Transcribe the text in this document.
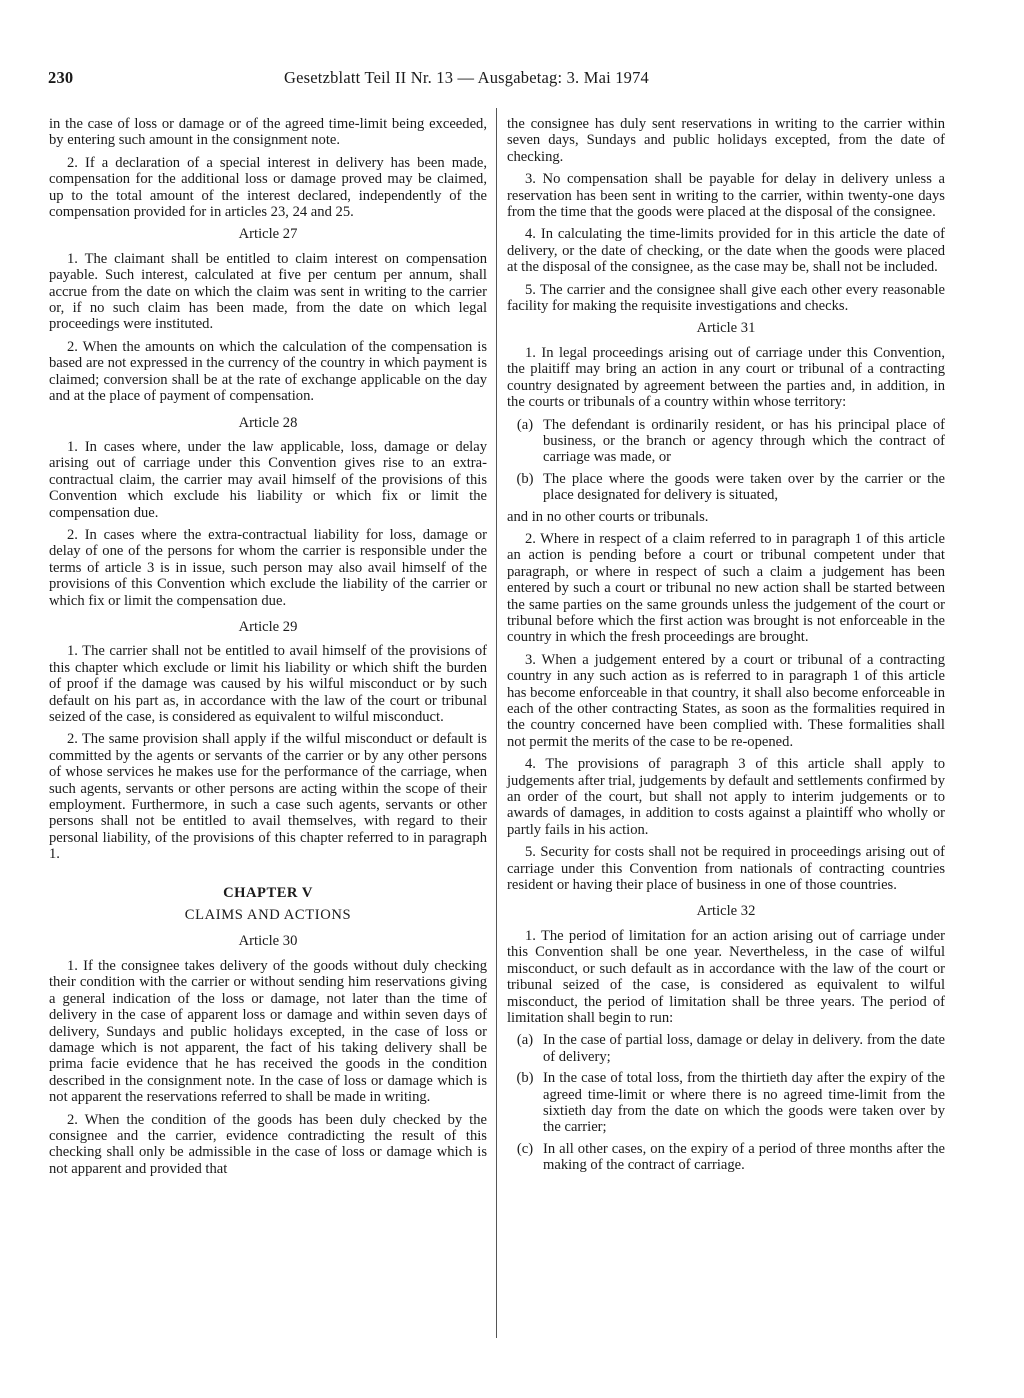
230	Gesetzblatt Teil II Nr. 13 — Ausgabetag: 3. Mai 1974

in the case of loss or damage or of the agreed time-limit being exceeded, by entering such amount in the consignment note.

2. If a declaration of a special interest in delivery has been made, compensation for the additional loss or damage proved may be claimed, up to the total amount of the interest declared, independently of the compensation provided for in articles 23, 24 and 25.

Article 27

1. The claimant shall be entitled to claim interest on compensation payable. Such interest, calculated at five per centum per annum, shall accrue from the date on which the claim was sent in writing to the carrier or, if no such claim has been made, from the date on which legal proceedings were instituted.

2. When the amounts on which the calculation of the compensation is based are not expressed in the currency of the country in which payment is claimed; conversion shall be at the rate of exchange applicable on the day and at the place of payment of compensation.

Article 28

1. In cases where, under the law applicable, loss, damage or delay arising out of carriage under this Convention gives rise to an extra-contractual claim, the carrier may avail himself of the provisions of this Convention which exclude his liability or which fix or limit the compensation due.

2. In cases where the extra-contractual liability for loss, damage or delay of one of the persons for whom the carrier is responsible under the terms of article 3 is in issue, such person may also avail himself of the provisions of this Convention which exclude the liability of the carrier or which fix or limit the compensation due.

Article 29

1. The carrier shall not be entitled to avail himself of the provisions of this chapter which exclude or limit his liability or which shift the burden of proof if the damage was caused by his wilful misconduct or by such default on his part as, in accordance with the law of the court or tribunal seized of the case, is considered as equivalent to wilful misconduct.

2. The same provision shall apply if the wilful misconduct or default is committed by the agents or servants of the carrier or by any other persons of whose services he makes use for the performance of the carriage, when such agents, servants or other persons are acting within the scope of their employment. Furthermore, in such a case such agents, servants or other persons shall not be entitled to avail themselves, with regard to their personal liability, of the provisions of this chapter referred to in paragraph 1.

CHAPTER V
CLAIMS AND ACTIONS
Article 30

1. If the consignee takes delivery of the goods without duly checking their condition with the carrier or without sending him reservations giving a general indication of the loss or damage, not later than the time of delivery in the case of apparent loss or damage and within seven days of delivery, Sundays and public holidays excepted, in the case of loss or damage which is not apparent, the fact of his taking delivery shall be prima facie evidence that he has received the goods in the condition described in the consignment note. In the case of loss or damage which is not apparent the reservations referred to shall be made in writing.

2. When the condition of the goods has been duly checked by the consignee and the carrier, evidence contradicting the result of this checking shall only be admissible in the case of loss or damage which is not apparent and provided that

the consignee has duly sent reservations in writing to the carrier within seven days, Sundays and public holidays excepted, from the date of checking.

3. No compensation shall be payable for delay in delivery unless a reservation has been sent in writing to the carrier, within twenty-one days from the time that the goods were placed at the disposal of the consignee.

4. In calculating the time-limits provided for in this article the date of delivery, or the date of checking, or the date when the goods were placed at the disposal of the consignee, as the case may be, shall not be included.

5. The carrier and the consignee shall give each other every reasonable facility for making the requisite investigations and checks.

Article 31

1. In legal proceedings arising out of carriage under this Convention, the plaitiff may bring an action in any court or tribunal of a contracting country designated by agreement between the parties and, in addition, in the courts or tribunals of a country within whose territory:

(a) The defendant is ordinarily resident, or has his principal place of business, or the branch or agency through which the contract of carriage was made, or
(b) The place where the goods were taken over by the carrier or the place designated for delivery is situated,

and in no other courts or tribunals.

2. Where in respect of a claim referred to in paragraph 1 of this article an action is pending before a court or tribunal competent under that paragraph, or where in respect of such a claim a judgement has been entered by such a court or tribunal no new action shall be started between the same parties on the same grounds unless the judgement of the court or tribunal before which the first action was brought is not enforceable in the country in which the fresh proceedings are brought.

3. When a judgement entered by a court or tribunal of a contracting country in any such action as is referred to in paragraph 1 of this article has become enforceable in that country, it shall also become enforceable in each of the other contracting States, as soon as the formalities required in the country concerned have been complied with. These formalities shall not permit the merits of the case to be re-opened.

4. The provisions of paragraph 3 of this article shall apply to judgements after trial, judgements by default and settlements confirmed by an order of the court, but shall not apply to interim judgements or to awards of damages, in addition to costs against a plaintiff who wholly or partly fails in his action.

5. Security for costs shall not be required in proceedings arising out of carriage under this Convention from nationals of contracting countries resident or having their place of business in one of those countries.

Article 32

1. The period of limitation for an action arising out of carriage under this Convention shall be one year. Nevertheless, in the case of wilful misconduct, or such default as in accordance with the law of the court or tribunal seized of the case, is considered as equivalent to wilful misconduct, the period of limitation shall be three years. The period of limitation shall begin to run:

(a) In the case of partial loss, damage or delay in delivery. from the date of delivery;
(b) In the case of total loss, from the thirtieth day after the expiry of the agreed time-limit or where there is no agreed time-limit from the sixtieth day from the date on which the goods were taken over by the carrier;
(c) In all other cases, on the expiry of a period of three months after the making of the contract of carriage.
